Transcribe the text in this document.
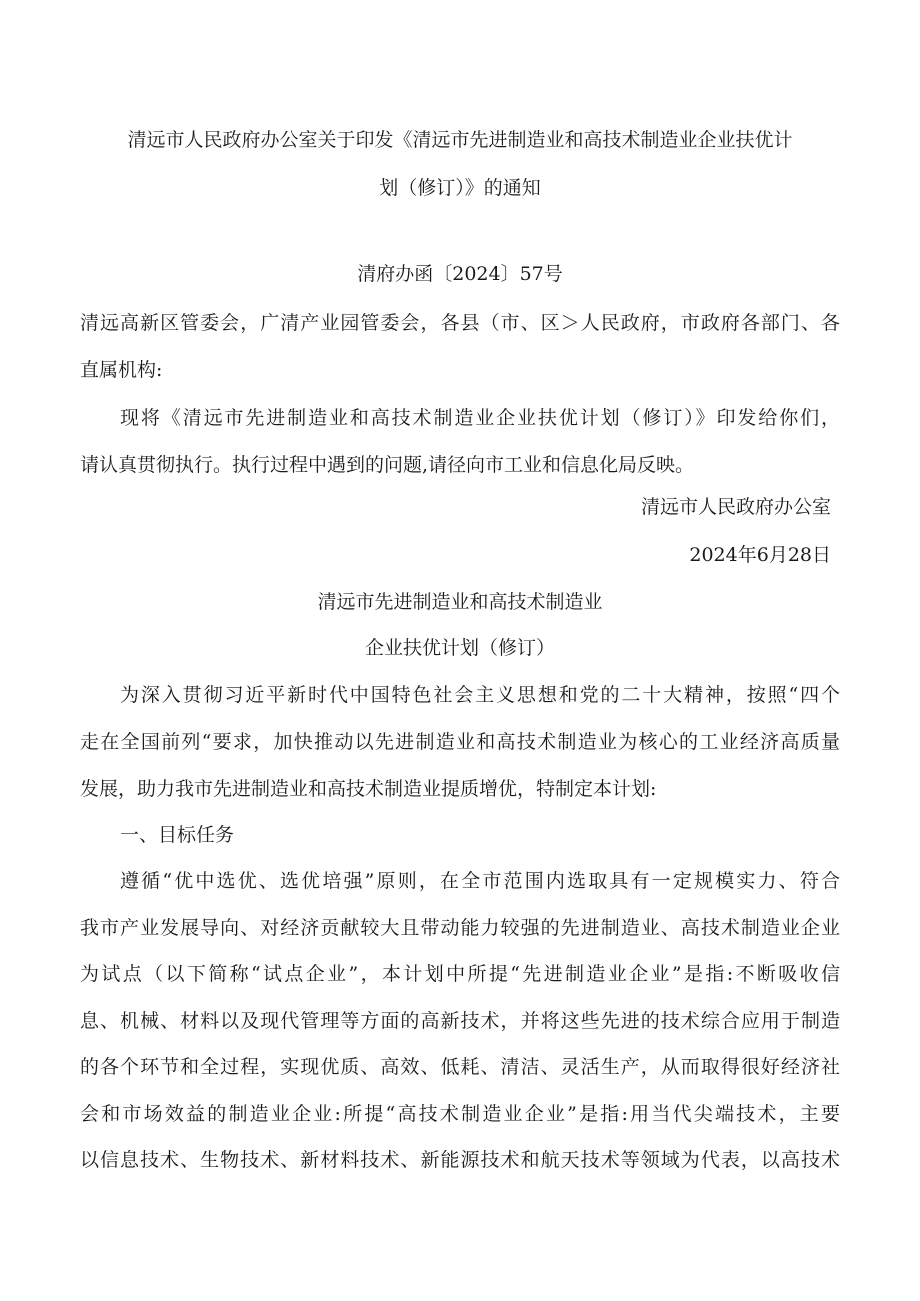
清远市人民政府办公室关于印发《清远市先进制造业和高技术制造业企业扶优计
划（修订）》的通知
清府办函〔2024〕57号
清远高新区管委会，广清产业园管委会，各县（市、区＞人民政府，市政府各部门、各
直属机构:
现将《清远市先进制造业和高技术制造业企业扶优计划（修订）》印发给你们，
请认真贯彻执行。执行过程中遇到的问题,请径向市工业和信息化局反映。
清远市人民政府办公室
2024年6月28日
清远市先进制造业和高技术制造业
企业扶优计划（修订）
为深入贯彻习近平新时代中国特色社会主义思想和党的二十大精神，按照“四个
走在全国前列“要求，加快推动以先进制造业和高技术制造业为核心的工业经济高质量
发展，助力我市先进制造业和高技术制造业提质增优，特制定本计划:
一、目标任务
遵循“优中选优、选优培强”原则，在全市范围内选取具有一定规模实力、符合
我市产业发展导向、对经济贡献较大且带动能力较强的先进制造业、高技术制造业企业
为试点（以下简称“试点企业”，本计划中所提“先进制造业企业”是指:不断吸收信
息、机械、材料以及现代管理等方面的高新技术，并将这些先进的技术综合应用于制造
的各个环节和全过程，实现优质、高效、低耗、清洁、灵活生产，从而取得很好经济社
会和市场效益的制造业企业:所提“高技术制造业企业”是指:用当代尖端技术，主要
以信息技术、生物技术、新材料技术、新能源技术和航天技术等领域为代表，以高技术
